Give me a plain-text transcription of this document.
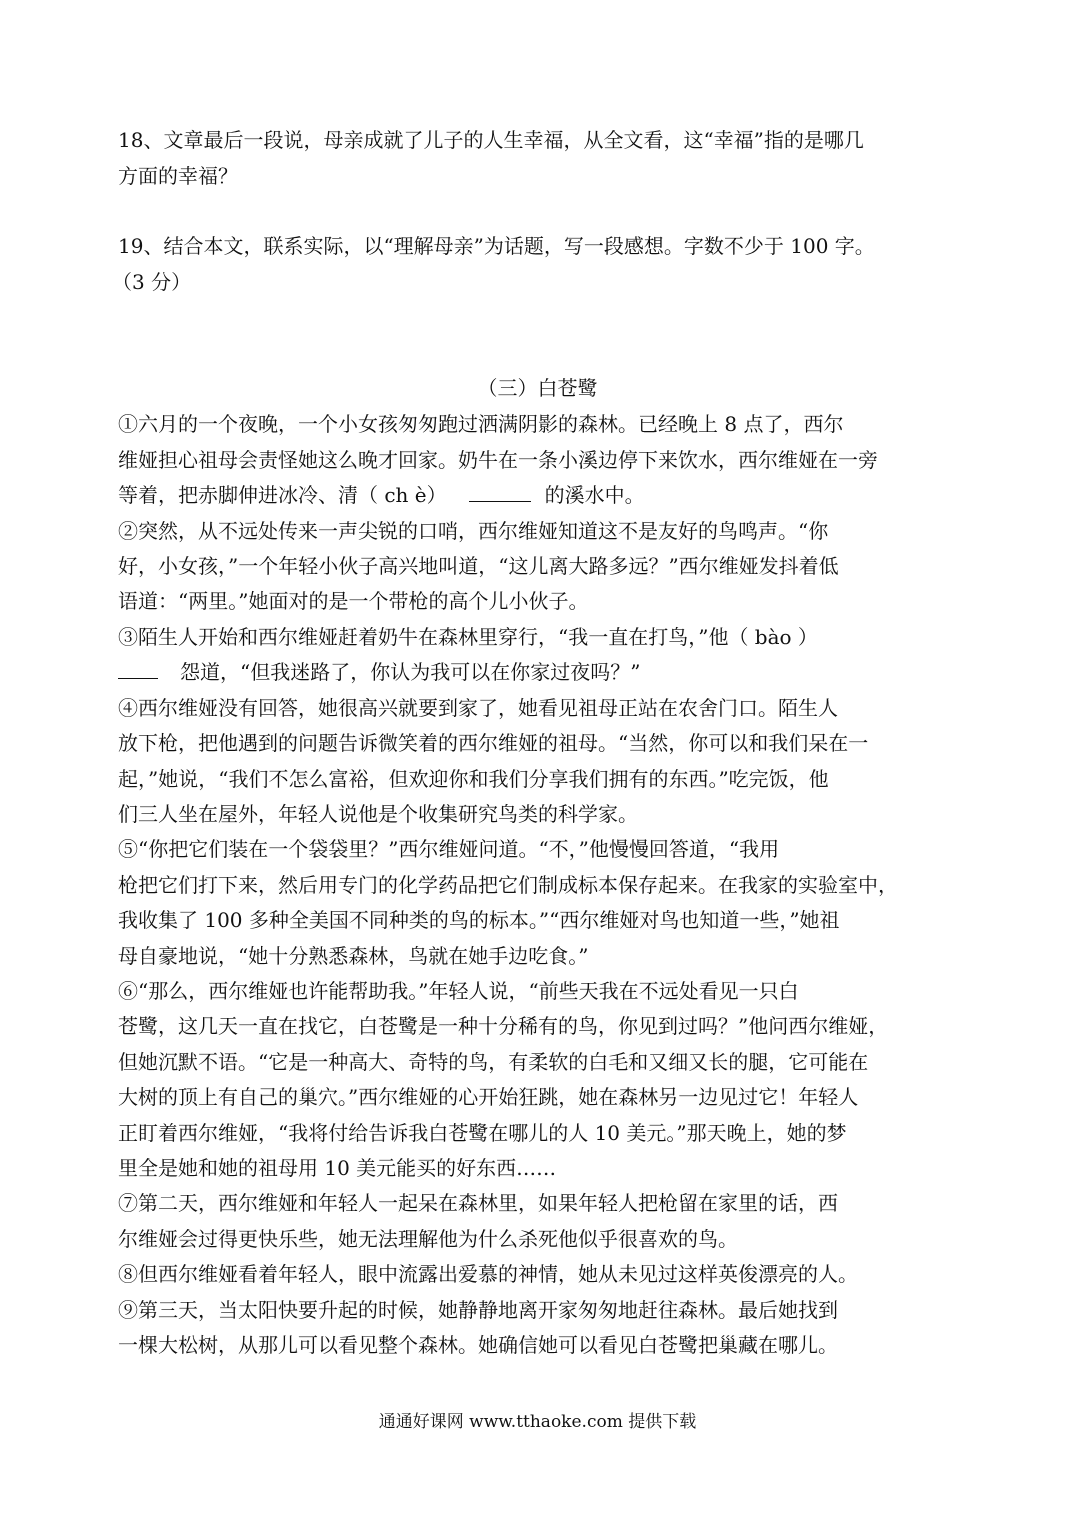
18、文章最后一段说，母亲成就了儿子的人生幸福，从全文看，这“幸福”指的是哪几
方面的幸福？
19、结合本文，联系实际，以“理解母亲”为话题，写一段感想。字数不少于 100 字。
（3 分）
（三）白苍鹭
①六月的一个夜晚，一个小女孩匆匆跑过洒满阴影的森林。已经晚上 8 点了，西尔
维娅担心祖母会责怪她这么晚才回家。奶牛在一条小溪边停下来饮水，西尔维娅在一旁
等着，把赤脚伸进冰冷、清（ ch è）	的溪水中。
②突然，从不远处传来一声尖锐的口哨，西尔维娅知道这不是友好的鸟鸣声。“你
好，小女孩，”一个年轻小伙子高兴地叫道，“这儿离大路多远？”西尔维娅发抖着低
语道：“两里。”她面对的是一个带枪的高个儿小伙子。
③陌生人开始和西尔维娅赶着奶牛在森林里穿行，“我一直在打鸟，”他（ bào ）
怨道，“但我迷路了，你认为我可以在你家过夜吗？”
④西尔维娅没有回答，她很高兴就要到家了，她看见祖母正站在农舍门口。陌生人
放下枪，把他遇到的问题告诉微笑着的西尔维娅的祖母。“当然，你可以和我们呆在一
起，”她说，“我们不怎么富裕，但欢迎你和我们分享我们拥有的东西。”吃完饭，他
们三人坐在屋外，年轻人说他是个收集研究鸟类的科学家。
⑤“你把它们装在一个袋袋里？”西尔维娅问道。“不，”他慢慢回答道，“我用
枪把它们打下来，然后用专门的化学药品把它们制成标本保存起来。在我家的实验室中，
我收集了 100 多种全美国不同种类的鸟的标本。”“西尔维娅对鸟也知道一些，”她祖
母自豪地说，“她十分熟悉森林，鸟就在她手边吃食。”
⑥“那么，西尔维娅也许能帮助我。”年轻人说，“前些天我在不远处看见一只白
苍鹭，这几天一直在找它，白苍鹭是一种十分稀有的鸟，你见到过吗？”他问西尔维娅，
但她沉默不语。“它是一种高大、奇特的鸟，有柔软的白毛和又细又长的腿，它可能在
大树的顶上有自己的巢穴。”西尔维娅的心开始狂跳，她在森林另一边见过它！年轻人
正盯着西尔维娅，“我将付给告诉我白苍鹭在哪儿的人 10 美元。”那天晚上，她的梦
里全是她和她的祖母用 10 美元能买的好东西……
⑦第二天，西尔维娅和年轻人一起呆在森林里，如果年轻人把枪留在家里的话，西
尔维娅会过得更快乐些，她无法理解他为什么杀死他似乎很喜欢的鸟。
⑧但西尔维娅看着年轻人，眼中流露出爱慕的神情，她从未见过这样英俊漂亮的人。
⑨第三天，当太阳快要升起的时候，她静静地离开家匆匆地赶往森林。最后她找到
一棵大松树，从那儿可以看见整个森林。她确信她可以看见白苍鹭把巢藏在哪儿。
通通好课网 www.tthaoke.com 提供下载
